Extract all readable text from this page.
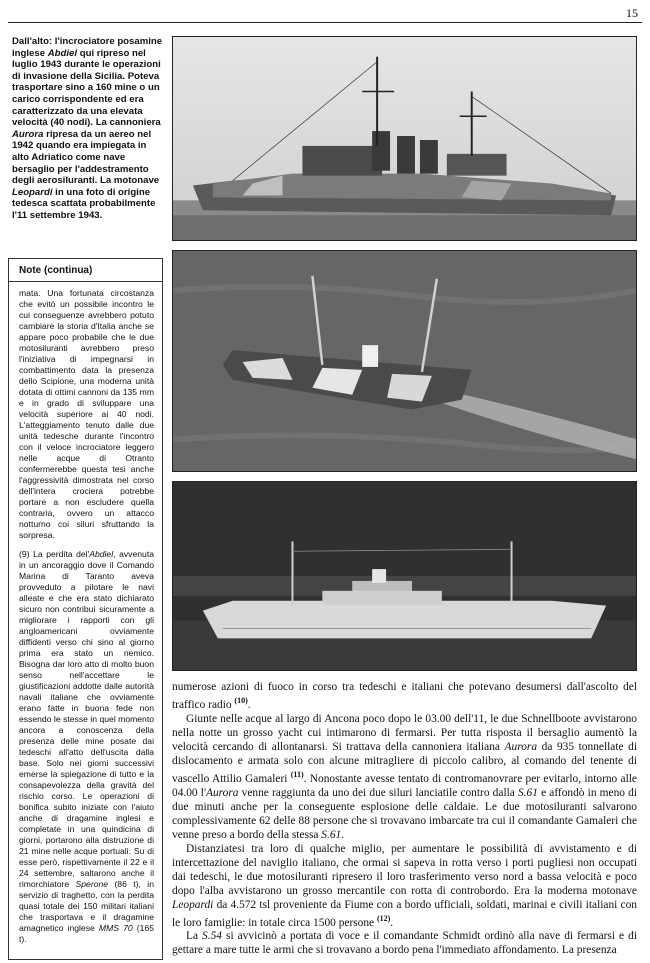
15
Dall'alto: l'incrociatore posamine inglese Abdiel qui ripreso nel luglio 1943 durante le operazioni di invasione della Sicilia. Poteva trasportare sino a 160 mine o un carico corrispondente ed era caratterizzato da una elevata velocità (40 nodi). La cannoniera Aurora ripresa da un aereo nel 1942 quando era impiegata in alto Adriatico come nave bersaglio per l'addestramento degli aerosiluranti. La motonave Leopardi in una foto di origine tedesca scattata probabilmente l'11 settembre 1943.
Note (continua)

mata. Una fortunata circostanza che evitò un possibile incontro le cui conseguenze avrebbero potuto cambiare la storia d'Italia anche se appare poco probabile che le due motosiluranti avrebbero preso l'iniziativa di impegnarsi in combattimento data la presenza dello Scipione, una moderna unità dotata di ottimi cannoni da 135 mm e in grado di sviluppare una velocità superiore ai 40 nodi. L'atteggiamento tenuto dalle due unità tedesche durante l'incontro con il veloce incrociatore leggero nelle acque di Otranto confermerebbe questa tesi anche l'aggressività dimostrata nel corso dell'intera crociera potrebbe portare a non escludere quella contraria, ovvero un attacco notturno coi siluri sfruttando la sorpresa.

(9) La perdita del'Abdiel, avvenuta in un ancoraggio dove il Comando Marina di Taranto aveva provveduto a pilotare le navi alleate e che era stato dichiarato sicuro non contribuì sicuramente a migliorare i rapporti con gli angloamericani ovviamente diffidenti verso chi sino al giorno prima era stato un nemico. Bisogna dar loro atto di molto buon senso nell'accettare le giustificazioni addotte dalle autorità navali italiane che ovviamente erano fatte in buona fede non essendo le stesse in quel momento ancora a conoscenza della presenza delle mine posate dai tedeschi all'atto dell'uscita dalla base. Solo nei giorni successivi emerse la spiegazione di tutto e la consapevolezza della gravità del rischio corso. Le operazioni di bonifica subito iniziate con l'aiuto anche di dragamine inglesi e completate in una quindicina di giorni, portarono alla distruzione di 21 mine nelle acque portuali. Su di esse però, rispettivamente il 22 e il 24 settembre, saltarono anche il rimorchiatore Sperone (86 t), in servizio di traghetto, con la perdita quasi totale dei 150 militari italiani che trasportava e il dragamine amagnetico inglese MMS 70 (165 t).

numerose azioni di fuoco in corso tra tedeschi e italiani che potevano desumersi dall'ascolto del traffico radio $^{(10)}$.

Giunte nelle acque al largo di Ancona poco dopo le 03.00 dell'11, le due Schnellboote avvistarono nella notte un grosso yacht cui intimarono di fermarsi. Per tutta risposta il bersaglio aumentò la velocità cercando di allontanarsi. Si trattava della cannoniera italiana Aurora da 935 tonnellate di dislocamento e armata solo con alcune mitragliere di piccolo calibro, al comando del tenente di vascello Attilio Gamaleri $^{(11)}$. Nonostante avesse tentato di contromanovrare per evitarlo, intorno alle 04.00 l'Aurora venne raggiunta da uno dei due siluri lanciatile contro dalla S.61 e affondò in meno di due minuti anche per la conseguente esplosione delle caldaie. Le due motosiluranti salvarono complessivamente 62 delle 88 persone che si trovavano imbarcate tra cui il comandante Gamaleri che venne preso a bordo della stessa S.61.

Distanziatesi tra loro di qualche miglio, per aumentare le possibilità di avvistamento e di intercettazione del naviglio italiano, che ormai si sapeva in rotta verso i porti pugliesi non occupati dai tedeschi, le due motosiluranti ripresero il loro trasferimento verso nord a bassa velocità e poco dopo l'alba avvistarono un grosso mercantile con rotta di controbordo. Era la moderna motonave Leopardi da 4.572 tsl proveniente da Fiume con a bordo ufficiali, soldati, marinai e civili italiani con le loro famiglie: in totale circa 1500 persone $^{(12)}$.

La S.54 si avvicinò a portata di voce e il comandante Schmidt ordinò alla nave di fermarsi e di gettare a mare tutte le armi che si trovavano a bordo pena l'immediato affondamento. La presenza
